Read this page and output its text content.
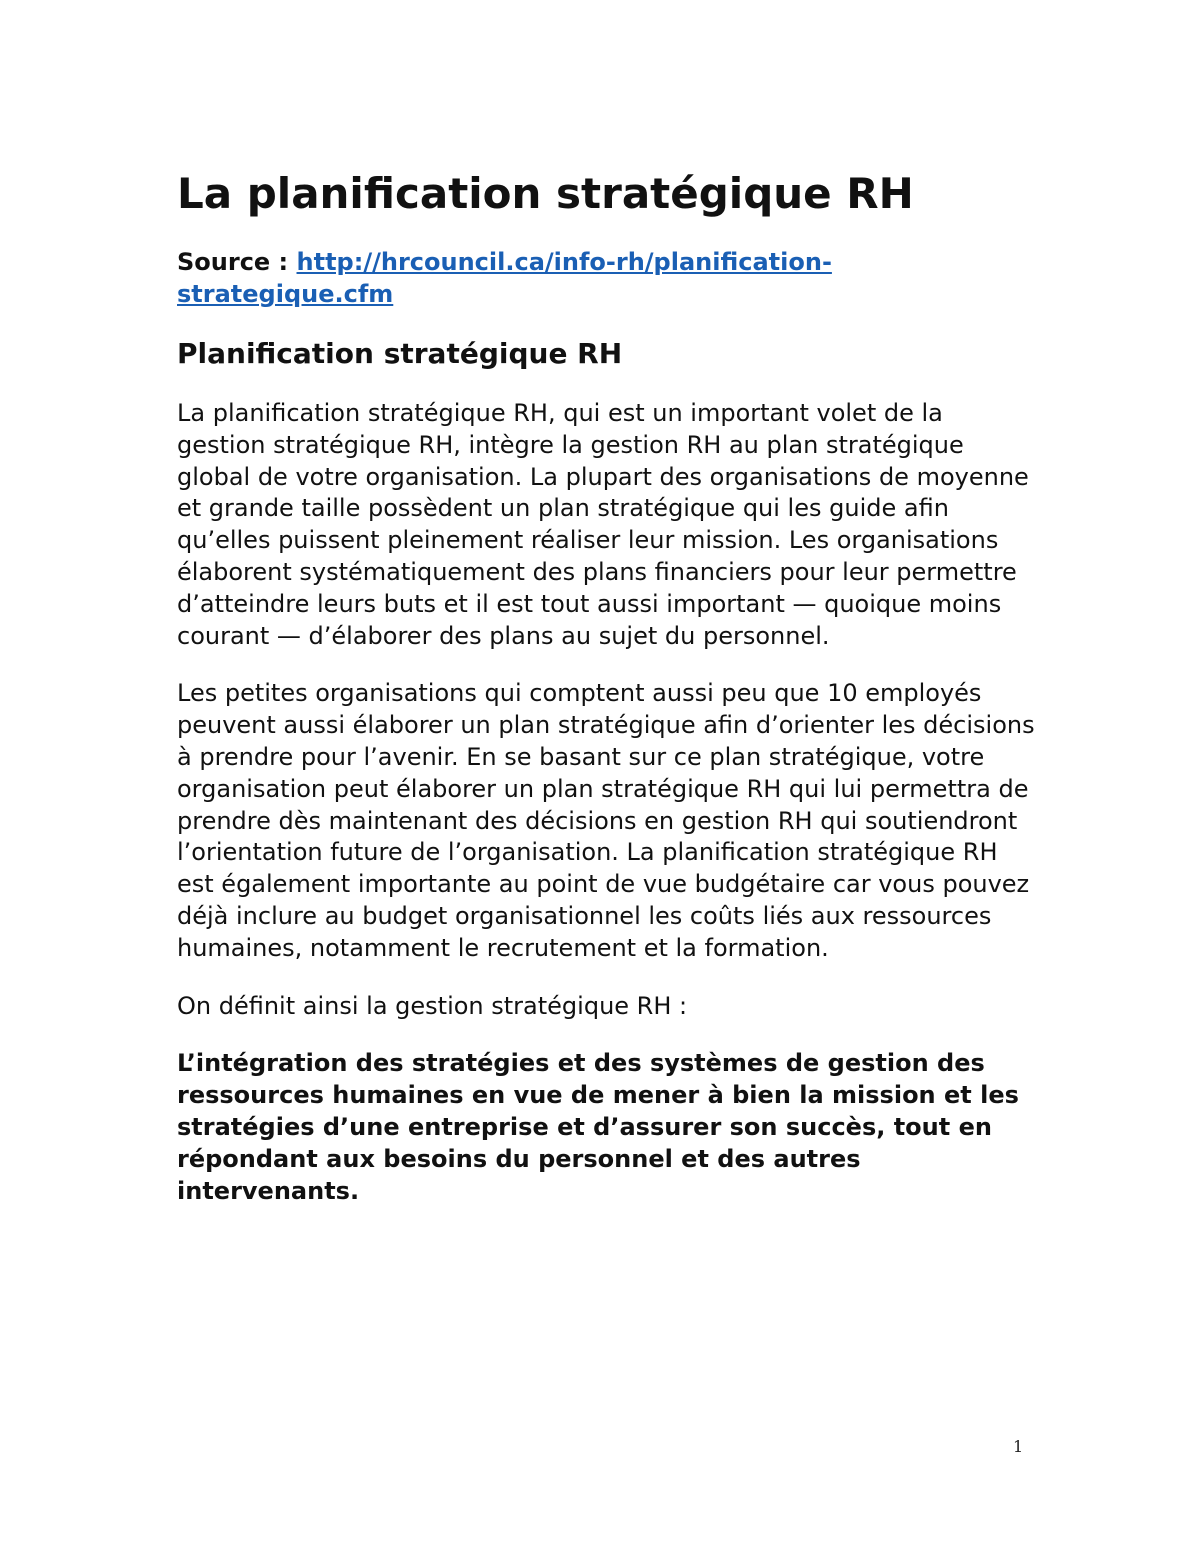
La planification stratégique RH
Source : http://hrcouncil.ca/info-rh/planification-strategique.cfm
Planification stratégique RH

La planification stratégique RH, qui est un important volet de la gestion stratégique RH, intègre la gestion RH au plan stratégique global de votre organisation. La plupart des organisations de moyenne et grande taille possèdent un plan stratégique qui les guide afin qu’elles puissent pleinement réaliser leur mission. Les organisations élaborent systématiquement des plans financiers pour leur permettre d’atteindre leurs buts et il est tout aussi important — quoique moins courant — d’élaborer des plans au sujet du personnel.

Les petites organisations qui comptent aussi peu que 10 employés peuvent aussi élaborer un plan stratégique afin d’orienter les décisions à prendre pour l’avenir. En se basant sur ce plan stratégique, votre organisation peut élaborer un plan stratégique RH qui lui permettra de prendre dès maintenant des décisions en gestion RH qui soutiendront l’orientation future de l’organisation. La planification stratégique RH est également importante au point de vue budgétaire car vous pouvez déjà inclure au budget organisationnel les coûts liés aux ressources humaines, notamment le recrutement et la formation.

On définit ainsi la gestion stratégique RH :

L’intégration des stratégies et des systèmes de gestion des ressources humaines en vue de mener à bien la mission et les stratégies d’une entreprise et d’assurer son succès, tout en répondant aux besoins du personnel et des autres intervenants.

1
